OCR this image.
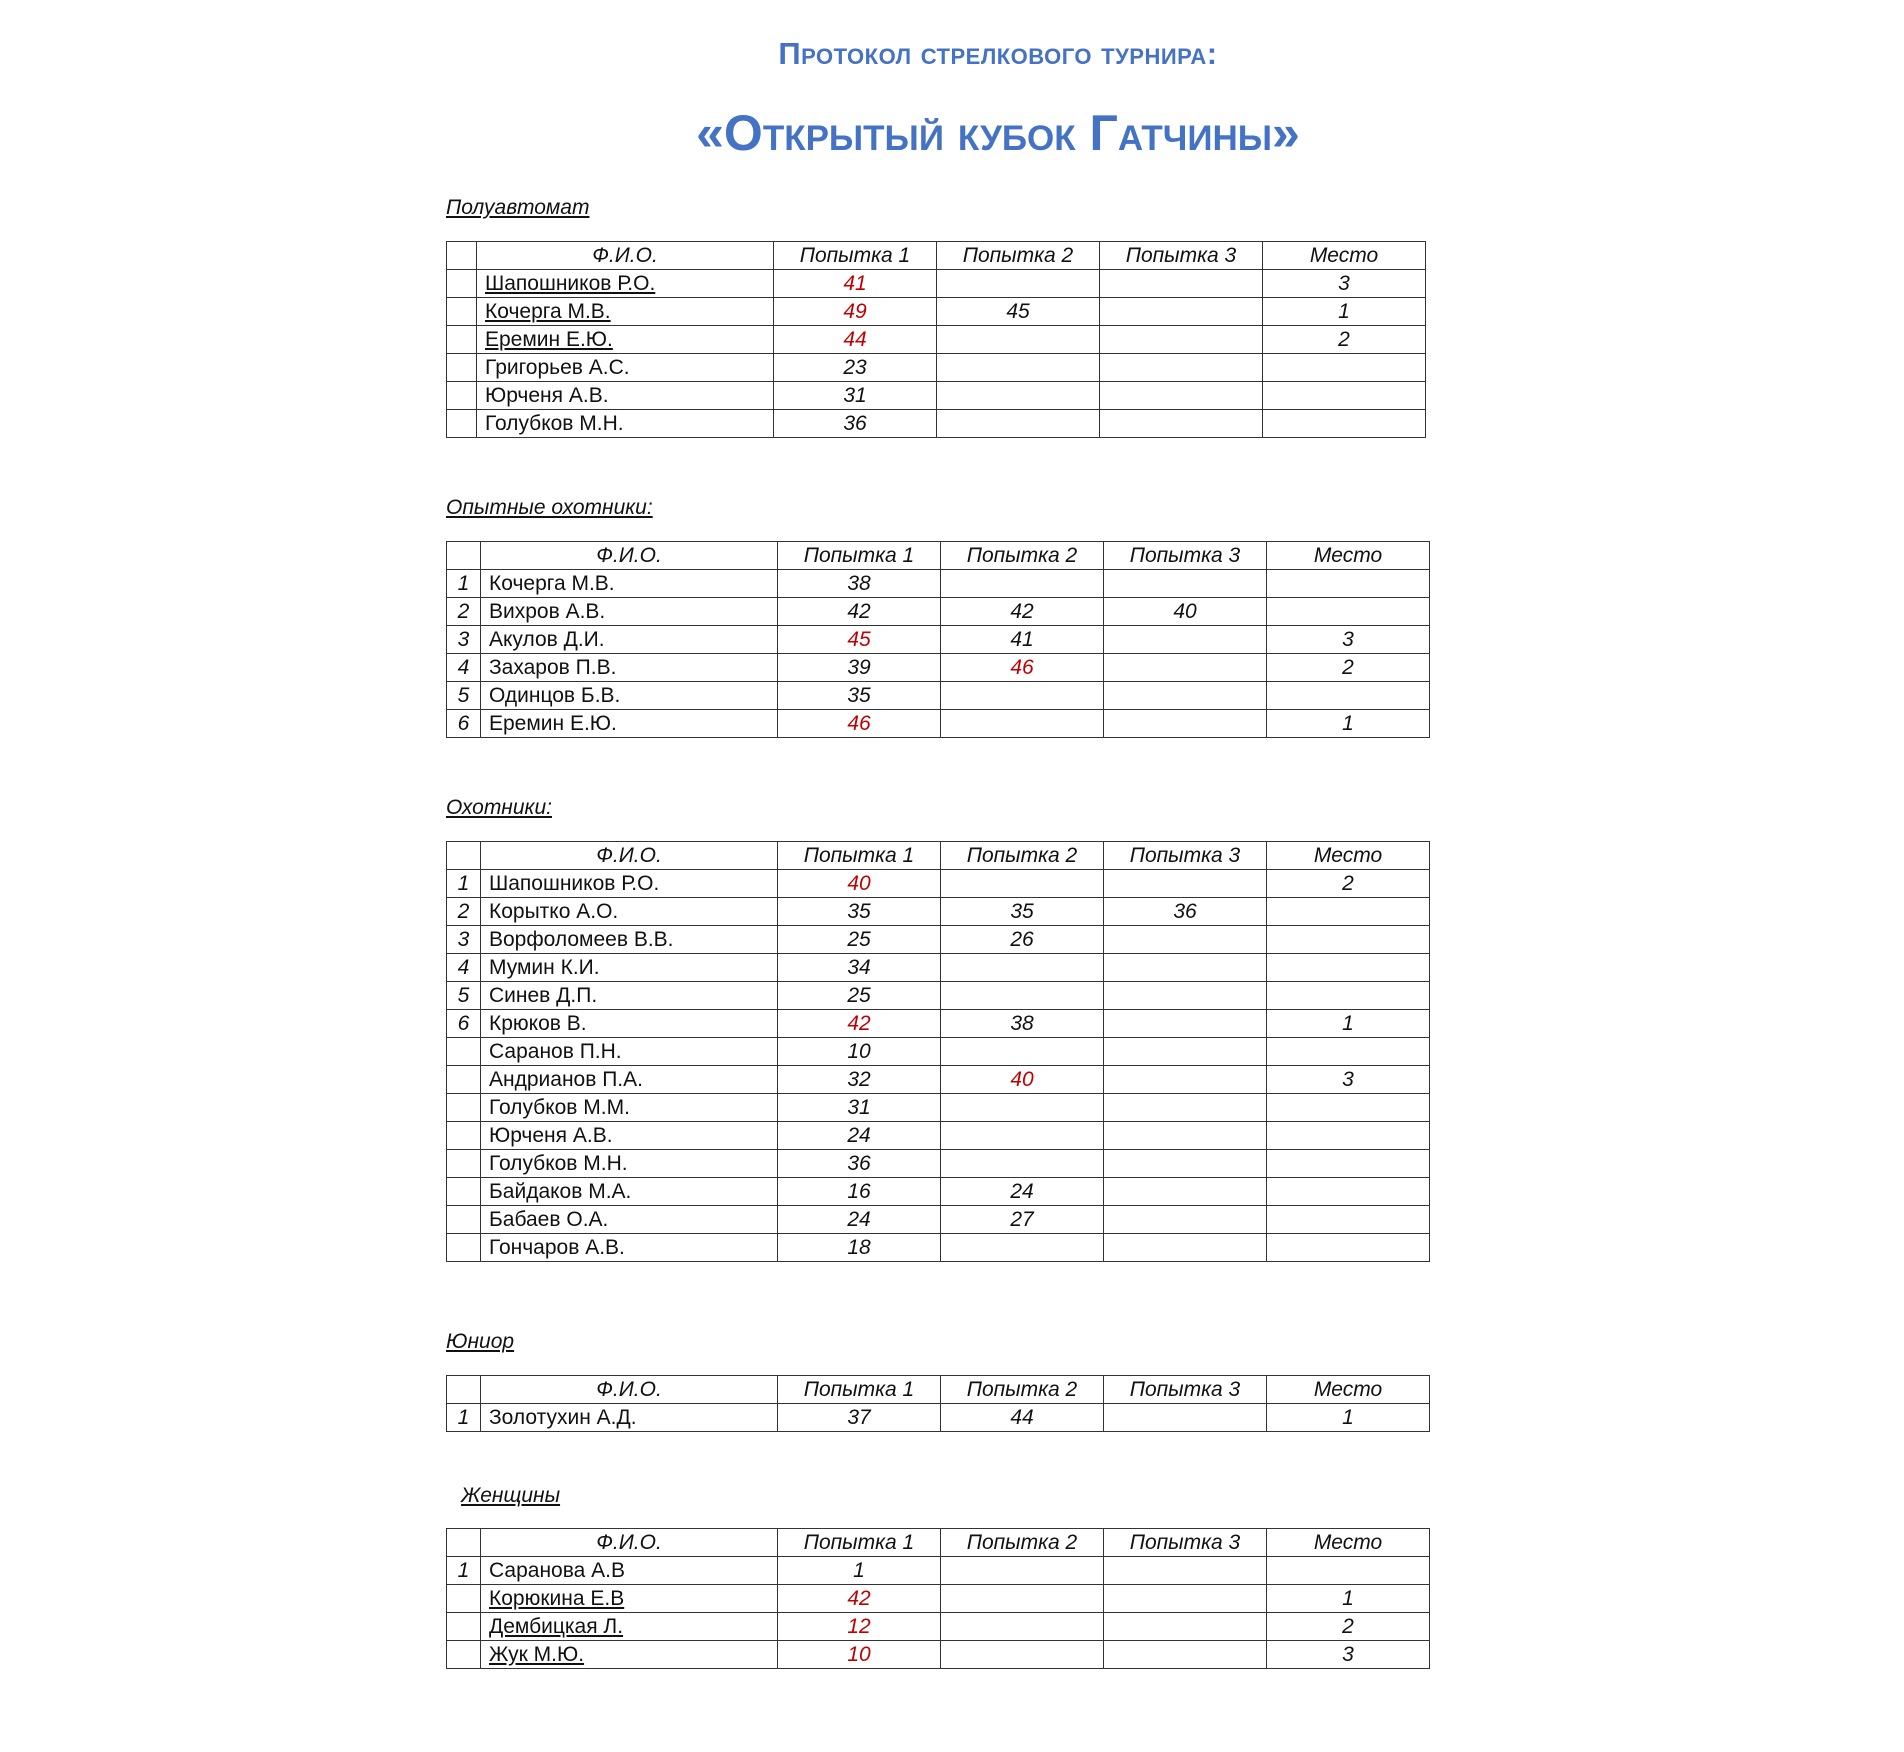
Протокол стрелкового турнира:
«Открытый кубок Гатчины»
Полуавтомат
	Ф.И.О.	Попытка 1	Попытка 2	Попытка 3	Место
	Шапошников Р.О.	41			3
	Кочерга М.В.	49	45		1
	Еремин Е.Ю.	44			2
	Григорьев А.С.	23			
	Юрченя А.В.	31			
	Голубков М.Н.	36			
Опытные охотники:
	Ф.И.О.	Попытка 1	Попытка 2	Попытка 3	Место
1	Кочерга М.В.	38			
2	Вихров А.В.	42	42	40	
3	Акулов Д.И.	45	41		3
4	Захаров П.В.	39	46		2
5	Одинцов Б.В.	35			
6	Еремин Е.Ю.	46			1
Охотники:
	Ф.И.О.	Попытка 1	Попытка 2	Попытка 3	Место
1	Шапошников Р.О.	40			2
2	Корытко А.О.	35	35	36	
3	Ворфоломеев В.В.	25	26		
4	Мумин К.И.	34			
5	Синев Д.П.	25			
6	Крюков В.	42	38		1
	Саранов П.Н.	10			
	Андрианов П.А.	32	40		3
	Голубков М.М.	31			
	Юрченя А.В.	24			
	Голубков М.Н.	36			
	Байдаков М.А.	16	24		
	Бабаев О.А.	24	27		
	Гончаров А.В.	18			
Юниор
	Ф.И.О.	Попытка 1	Попытка 2	Попытка 3	Место
1	Золотухин А.Д.	37	44		1
Женщины
	Ф.И.О.	Попытка 1	Попытка 2	Попытка 3	Место
1	Саранова А.В	1			
	Корюкина Е.В	42			1
	Дембицкая Л.	12			2
	Жук М.Ю.	10			3
